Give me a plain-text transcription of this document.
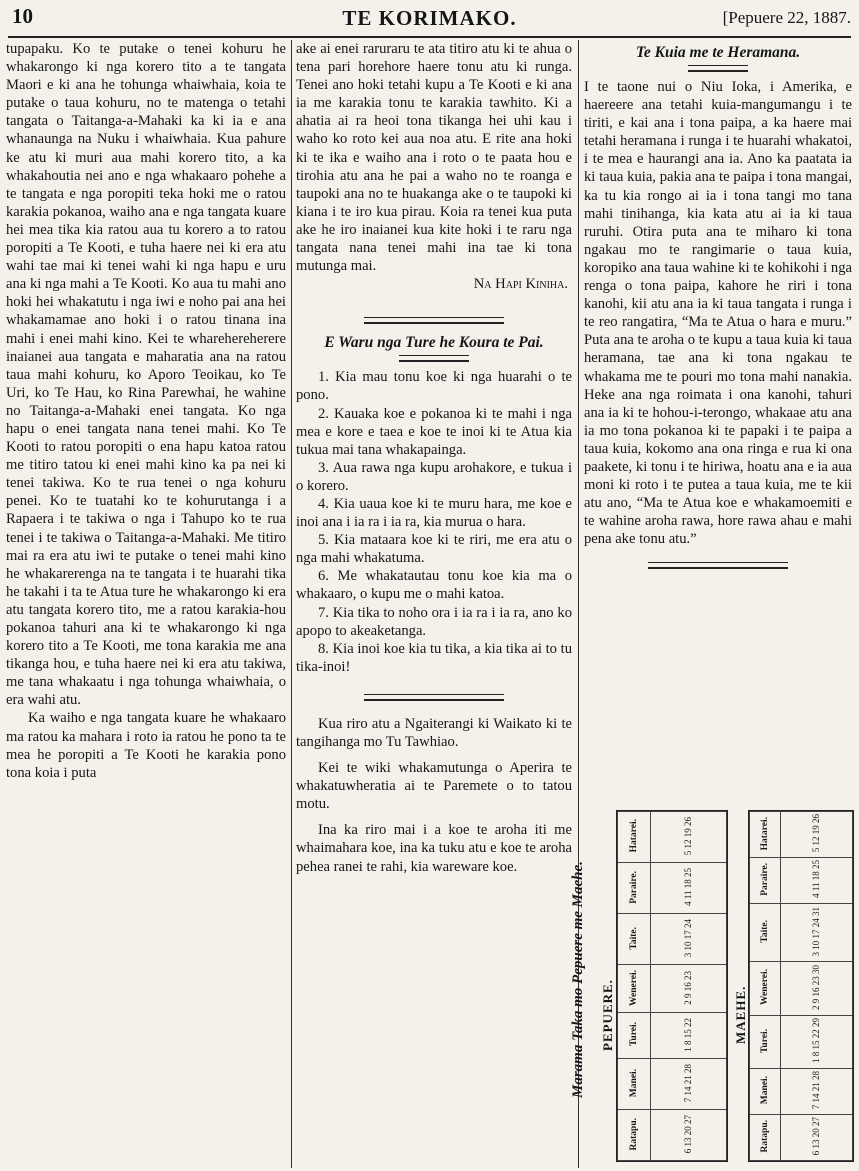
10	TE KORIMAKO.	[Pepuere 22, 1887.

tupapaku. Ko te putake o tenei kohuru he whakarongo ki nga korero tito a te tangata Maori e ki ana he tohunga whaiwhaia, koia te putake o taua kohuru, no te matenga o tetahi tangata o Taitanga-a-Mahaki ka ki ia e ana whanaunga na Nuku i whaiwhaia. Kua pahure ke atu ki muri aua mahi korero tito, a ka whakahoutia nei ano e nga whakaaro pohehe a te tangata e nga poropiti teka hoki me o ratou karakia pokanoa, waiho ana e nga tangata kuare hei mea tika kia ratou aua tu korero a to ratou poropiti a Te Kooti, e tuha haere nei ki era atu wahi tae mai ki tenei wahi ki nga hapu e uru ana ki nga mahi a Te Kooti. Ko aua tu mahi ano hoki hei whakatutu i nga iwi e noho pai ana hei whakamamae ano hoki i o ratou tinana ina mahi i enei mahi kino. Kei te wharehereherere inaianei aua tangata e maharatia ana na ratou taua mahi kohuru, ko Aporo Teoikau, ko Te Uri, ko Te Hau, ko Rina Parewhai, he wahine no Taitanga-a-Mahaki enei tangata. Ko nga hapu o enei tangata nana tenei mahi. Ko Te Kooti to ratou poropiti o ena hapu katoa ratou me titiro tatou ki enei mahi kino ka pa nei ki tenei takiwa. Ko te rua tenei o nga kohuru penei. Ko te tuatahi ko te kohurutanga i a Rapaera i te takiwa o nga i Tahupo ko te rua tenei i te takiwa o Taitanga-a-Mahaki. Me titiro mai ra era atu iwi te putake o tenei mahi kino he whakarerenga na te tangata i te huarahi tika he takahi i ta te Atua ture he whakarongo ki era atu tangata korero tito, me a ratou karakia-hou pokanoa tahuri ana ki te whakarongo ki nga korero tito a Te Kooti, me tona karakia me ana tikanga hou, e tuha haere nei ki era atu takiwa, me tana whakaatu i nga tohunga whaiwhaia, o era wahi atu.

Ka waiho e nga tangata kuare he whakaaro ma ratou ka mahara i roto ia ratou he pono ta te mea he poropiti a Te Kooti he karakia pono tona koia i puta

ake ai enei raruraru te ata titiro atu ki te ahua o tena pari horehore haere tonu atu ki runga. Tenei ano hoki tetahi kupu a Te Kooti e ki ana ia me karakia tonu te karakia tawhito. Ki a ahatia ai ra heoi tona tikanga hei uhi kau i waho ko roto kei aua noa atu. E rite ana hoki ki te ika e waiho ana i roto o te paata hou e tirohia atu ana he pai a waho no te roanga e taupoki ana no te huakanga ake o te taupoki ki kiana i te iro kua pirau. Koia ra tenei kua puta ake he iro inaianei kua kite hoki i te raru nga tangata nana tenei mahi ina tae ki tona mutunga mai.

Na Hapi Kiniha.

E Waru nga Ture he Koura te Pai.

1. Kia mau tonu koe ki nga huarahi o te pono.

2. Kauaka koe e pokanoa ki te mahi i nga mea e kore e taea e koe te inoi ki te Atua kia tukua mai tana whakapainga.

3. Aua rawa nga kupu arohakore, e tukua i o korero.

4. Kia uaua koe ki te muru hara, me koe e inoi ana i ia ra i ia ra, kia murua o hara.

5. Kia mataara koe ki te riri, me era atu o nga mahi whakatuma.

6. Me whakatautau tonu koe kia ma o whakaaro, o kupu me o mahi katoa.

7. Kia tika to noho ora i ia ra i ia ra, ano ko apopo to akeaketanga.

8. Kia inoi koe kia tu tika, a kia tika ai to tu tika-inoi!

Kua riro atu a Ngaiterangi ki Waikato ki te tangihanga mo Tu Tawhiao.

Kei te wiki whakamutunga o Aperira te whakatuwheratia ai te Paremete o to tatou motu.

Ina ka riro mai i a koe te aroha iti me whaimahara koe, ina ka tuku atu e koe te aroha pehea ranei te rahi, kia wareware koe.

Te Kuia me te Heramana.

I te taone nui o Niu Ioka, i Amerika, e haereere ana tetahi kuia-mangumangu i te tiriti, e kai ana i tona paipa, a ka haere mai tetahi heramana i runga i te huarahi whakatoi, i te mea e haurangi ana ia. Ano ka paatata ia ki taua kuia, pakia ana te paipa i tona mangai, ka tu kia rongo ai ia i tona tangi mo tana mahi tinihanga, kia kata atu ai ia ki taua ruruhi. Otira puta ana te miharo ki tona ngakau mo te rangimarie o taua kuia, koropiko ana taua wahine ki te kohikohi i nga renga o tona paipa, kahore he riri i tona kanohi, kii atu ana ia ki taua tangata i runga i te reo rangatira, “Ma te Atua o hara e muru.” Puta ana te aroha o te kupu a taua kuia ki taua heramana, tae ana ki tona ngakau te whakama me te pouri mo tona mahi nanakia. Heke ana nga roimata i ona kanohi, tahuri ana ia ki te hohou-i-terongo, whakaae atu ana ia mo tona pokanoa ki te papaki i te paipa a taua kuia, kokomo ana ona ringa e rua ki ona paakete, ki tonu i te hiriwa, hoatu ana e ia aua moni ki roto i te putea a taua kuia, me te kii atu ano, “Ma te Atua koe e whakamoemiti e te wahine aroha rawa, hore rawa ahau e mahi pena ake tonu atu.”

Marama Taka mo Pepuere me Maehe. PEPUERE.
Hatarei.	5 12 19 26
Paraire.	4 11 18 25
Taite.	3 10 17 24
Wenerei.	2 9 16 23
Turei.	1 8 15 22
Manei.	7 14 21 28
Ratapu.	6 13 20 27
MAEHE.
Hatarei.	5 12 19 26
Paraire.	4 11 18 25
Taite.	3 10 17 24 31
Wenerei.	2 9 16 23 30
Turei.	1 8 15 22 29
Manei.	7 14 21 28
Ratapu.	6 13 20 27
